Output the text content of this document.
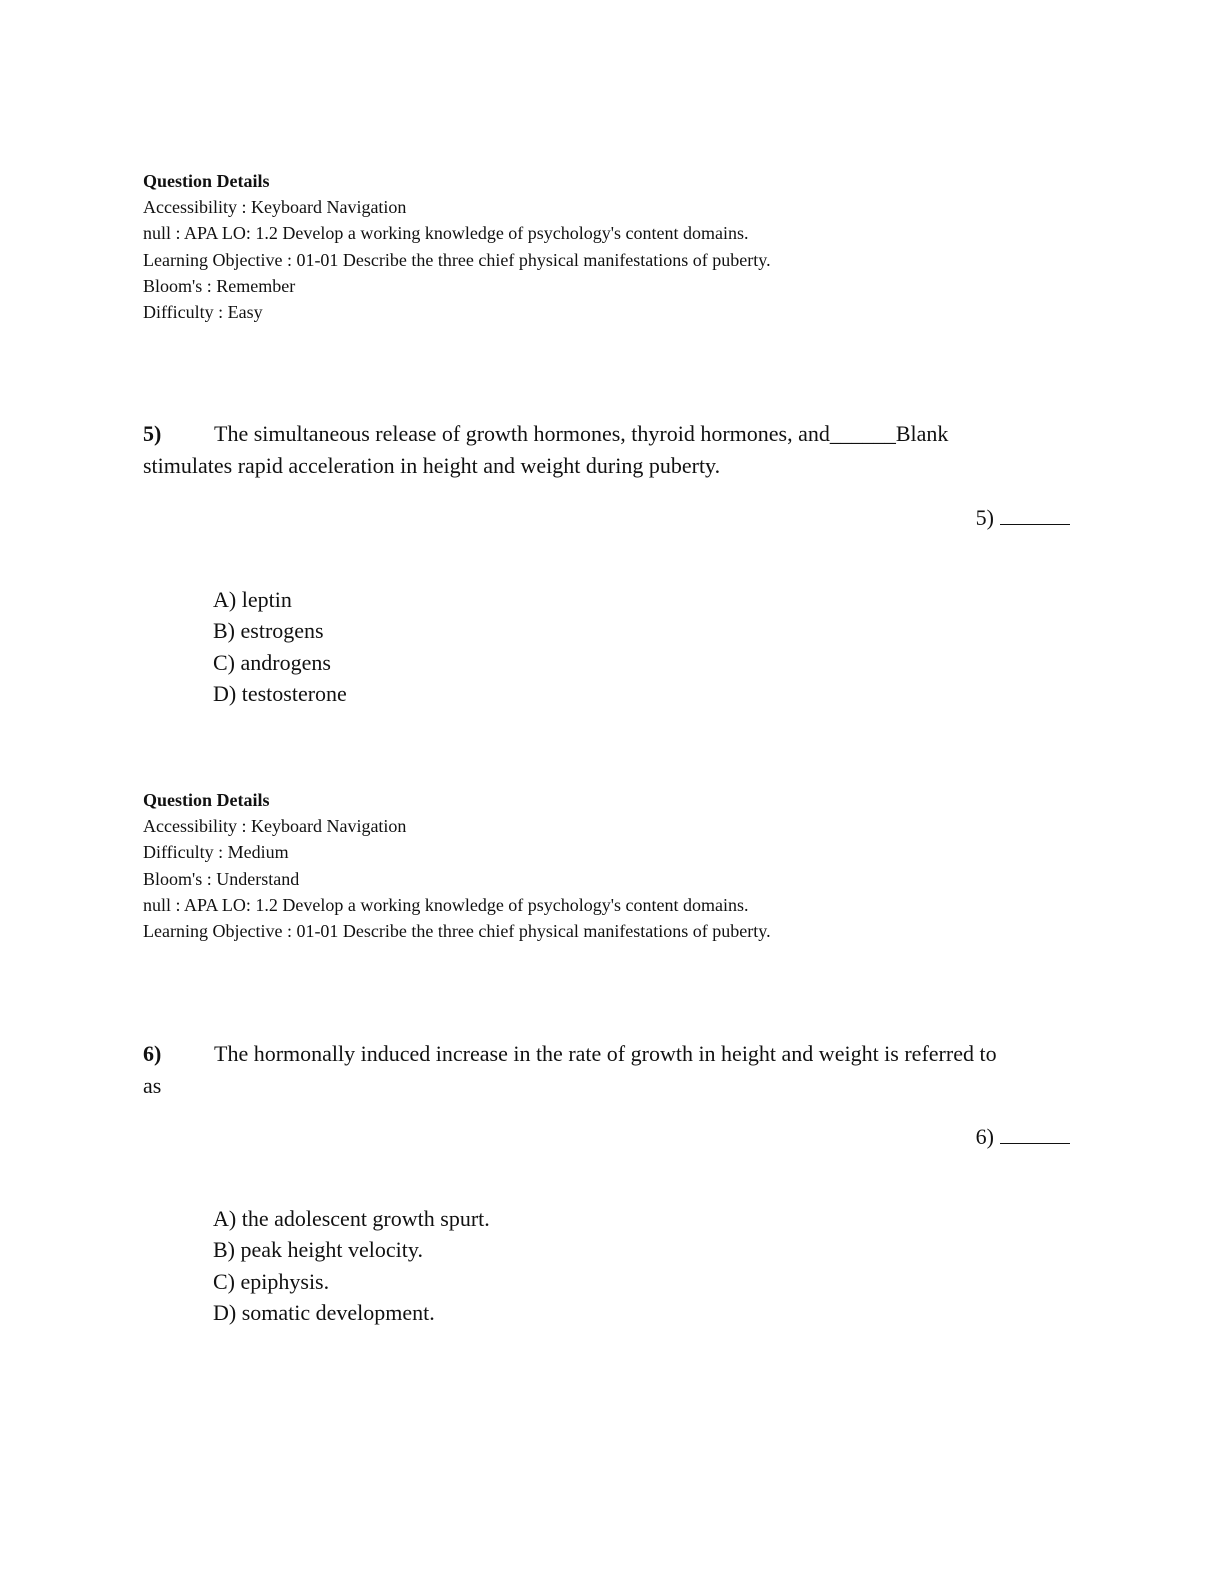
Question Details
Accessibility : Keyboard Navigation
null : APA LO: 1.2 Develop a working knowledge of psychology's content domains.
Learning Objective : 01-01 Describe the three chief physical manifestations of puberty.
Bloom's : Remember
Difficulty : Easy
5) The simultaneous release of growth hormones, thyroid hormones, and______Blank
stimulates rapid acceleration in height and weight during puberty.
5)
A) leptin
B) estrogens
C) androgens
D) testosterone
Question Details
Accessibility : Keyboard Navigation
Difficulty : Medium
Bloom's : Understand
null : APA LO: 1.2 Develop a working knowledge of psychology's content domains.
Learning Objective : 01-01 Describe the three chief physical manifestations of puberty.
6) The hormonally induced increase in the rate of growth in height and weight is referred to
as
6)
A) the adolescent growth spurt.
B) peak height velocity.
C) epiphysis.
D) somatic development.
